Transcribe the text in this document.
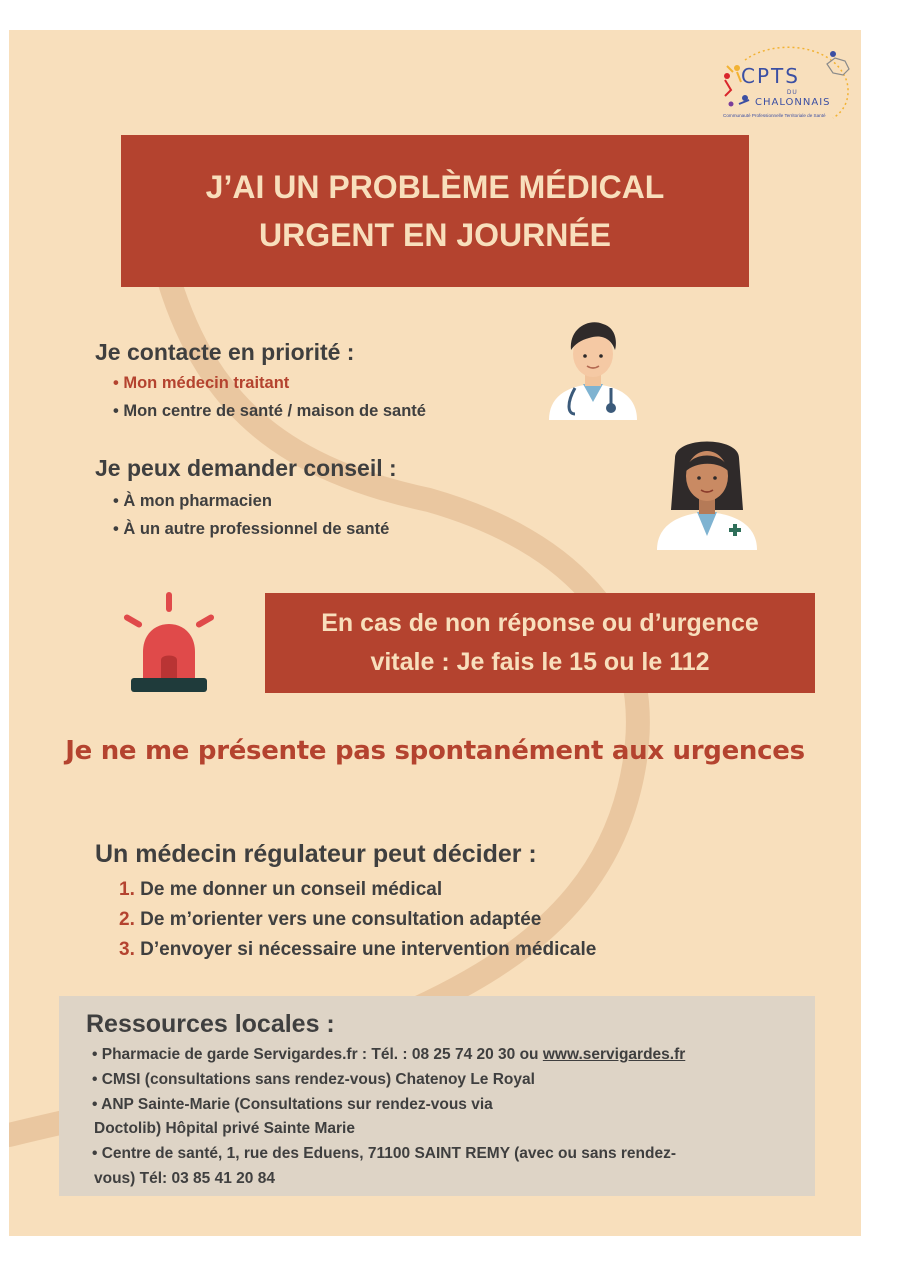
CPTS
DU
CHALONNAIS
Communauté Professionnelle Territoriale de Santé
J’AI UN PROBLÈME MÉDICAL
URGENT EN JOURNÉE
Je contacte en priorité :
• Mon médecin traitant
• Mon centre de santé / maison de santé
Je peux demander conseil :
• À mon pharmacien
• À un autre professionnel de santé
En cas de non réponse ou d’urgence
vitale : Je fais le 15 ou le 112
Je ne me présente pas spontanément aux urgences
Un médecin régulateur peut décider :
1. De me donner un conseil médical
2. De m’orienter vers une consultation adaptée
3. D’envoyer si nécessaire une intervention médicale
Ressources locales :
• Pharmacie de garde Servigardes.fr : Tél. : 08 25 74 20 30 ou www.servigardes.fr
• CMSI (consultations sans rendez-vous) Chatenoy Le Royal
• ANP Sainte-Marie (Consultations sur rendez-vous via
Doctolib) Hôpital privé Sainte Marie
• Centre de santé, 1, rue des Eduens, 71100 SAINT REMY (avec ou sans rendez-
vous) Tél: 03 85 41 20 84
